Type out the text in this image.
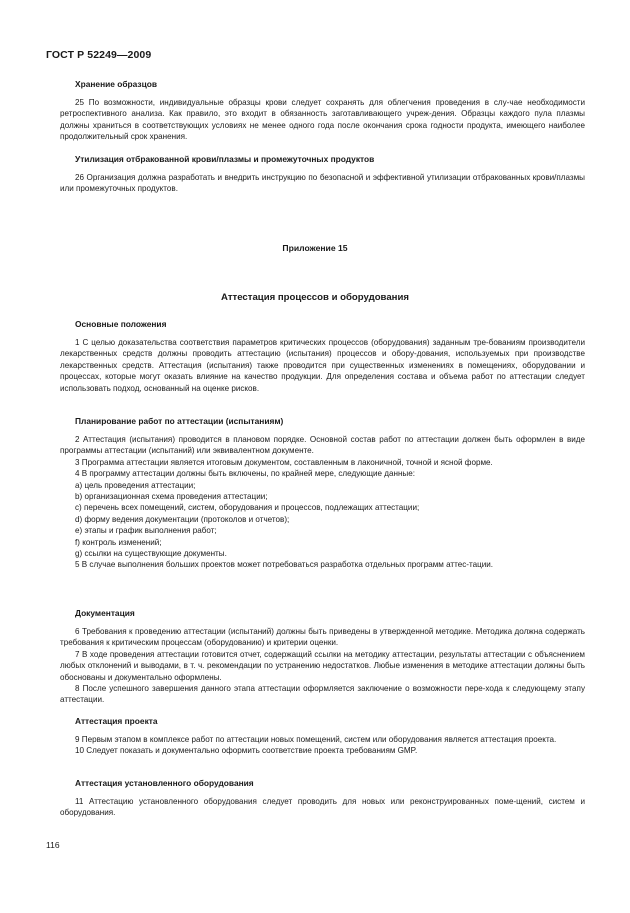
ГОСТ Р 52249—2009
Хранение образцов

25 По возможности, индивидуальные образцы крови следует сохранять для облегчения проведения в слу-чае необходимости ретроспективного анализа. Как правило, это входит в обязанность заготавливающего учреж-дения. Образцы каждого пула плазмы должны храниться в соответствующих условиях не менее одного года после окончания срока годности продукта, имеющего наиболее продолжительный срок хранения.

Утилизация отбракованной крови/плазмы и промежуточных продуктов

26 Организация должна разработать и внедрить инструкцию по безопасной и эффективной утилизации отбракованных крови/плазмы или промежуточных продуктов.

Приложение 15
Аттестация процессов и оборудования
Основные положения

1 С целью доказательства соответствия параметров критических процессов (оборудования) заданным тре-бованиям производители лекарственных средств должны проводить аттестацию (испытания) процессов и обору-дования, используемых при производстве лекарственных средств. Аттестация (испытания) также проводится при существенных изменениях в помещениях, оборудовании и процессах, которые могут оказать влияние на качество продукции. Для определения состава и объема работ по аттестации следует использовать подход, основанный на оценке рисков.

Планирование работ по аттестации (испытаниям)

2 Аттестация (испытания) проводится в плановом порядке. Основной состав работ по аттестации должен быть оформлен в виде программы аттестации (испытаний) или эквивалентном документе.

3 Программа аттестации является итоговым документом, составленным в лаконичной, точной и ясной форме.

4 В программу аттестации должны быть включены, по крайней мере, следующие данные:

a) цель проведения аттестации;
b) организационная схема проведения аттестации;
c) перечень всех помещений, систем, оборудования и процессов, подлежащих аттестации;
d) форму ведения документации (протоколов и отчетов);
e) этапы и график выполнения работ;
f) контроль изменений;
g) ссылки на существующие документы.

5 В случае выполнения больших проектов может потребоваться разработка отдельных программ аттес-тации.

Документация

6 Требования к проведению аттестации (испытаний) должны быть приведены в утвержденной методике. Методика должна содержать требования к критическим процессам (оборудованию) и критерии оценки.

7 В ходе проведения аттестации готовится отчет, содержащий ссылки на методику аттестации, результаты аттестации с объяснением любых отклонений и выводами, в т. ч. рекомендации по устранению недостатков. Любые изменения в методике аттестации должны быть обоснованы и документально оформлены.

8 После успешного завершения данного этапа аттестации оформляется заключение о возможности пере-хода к следующему этапу аттестации.

Аттестация проекта

9 Первым этапом в комплексе работ по аттестации новых помещений, систем или оборудования является аттестация проекта.

10 Следует показать и документально оформить соответствие проекта требованиям GMP.

Аттестация установленного оборудования

11 Аттестацию установленного оборудования следует проводить для новых или реконструированных поме-щений, систем и оборудования.

116
